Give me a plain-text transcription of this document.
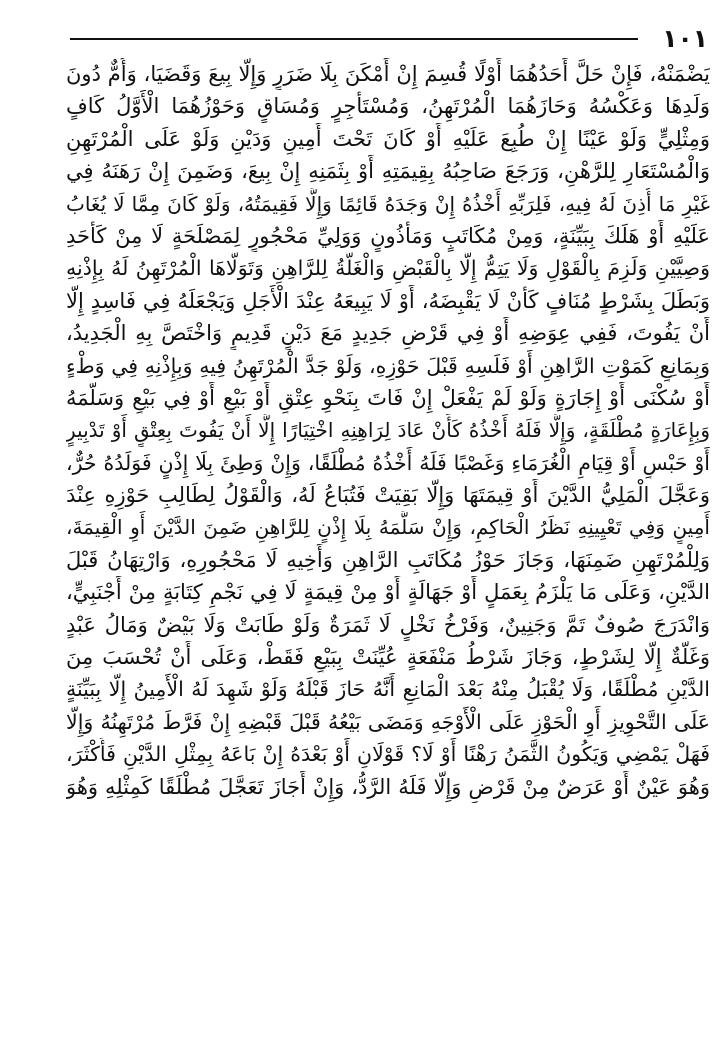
١٠١
يَضْمَنْهُ، فَإِنْ حَلَّ أَحَدُهُمَا أَوْلًا قُسِمَ إِنْ أَمْكَنَ بِلَا ضَرَرٍ وَإِلَّا بِيعَ وَقَضَيَا، وَأُمٌّ دُونَ
وَلَدِهَا وَعَكْسُهُ وَحَازَهُمَا الْمُرْتَهِنُ، وَمُسْتَأْجِرٍ وَمُسَاقٍ وَحَوْزُهُمَا الْأَوَّلُ كَافٍ
وَمِثْلِيٍّ وَلَوْ عَيْنًا إِنْ طُبِعَ عَلَيْهِ أَوْ كَانَ تَحْتَ أَمِينٍ وَدَيْنٍ وَلَوْ عَلَى الْمُرْتَهِنِ
وَالْمُسْتَعَارِ لِلرَّهْنِ، وَرَجَعَ صَاحِبُهُ بِقِيمَتِهِ أَوْ بِثَمَنِهِ إِنْ بِيعَ، وَضَمِنَ إِنْ رَهَنَهُ فِي
غَيْرِ مَا أُذِنَ لَهُ فِيهِ، فَلِرَبِّهِ أَخْذُهُ إِنْ وَجَدَهُ قَائِمًا وَإِلَّا فَقِيمَتُهُ، وَلَوْ كَانَ مِمَّا لَا يُغَابُ
عَلَيْهِ أَوْ هَلَكَ بِبَيِّنَةٍ، وَمِنْ مُكَاتَبٍ وَمَأْذُونٍ وَوَلِيِّ مَحْجُورٍ لِمَصْلَحَةٍ لَا مِنْ كَأَحَدِ
وَصِيَّيْنِ وَلَزِمَ بِالْقَوْلِ وَلَا يَتِمُّ إِلَّا بِالْقَبْضِ وَالْغَلَّةُ لِلرَّاهِنِ وَتَوَلَّاهَا الْمُرْتَهِنُ لَهُ بِإِذْنِهِ
وَبَطَلَ بِشَرْطٍ مُنَافٍ كَأَنْ لَا يَقْبِضَهُ، أَوْ لَا يَبِيعَهُ عِنْدَ الْأَجَلِ وَيَجْعَلَهُ فِي فَاسِدٍ إِلَّا
أَنْ يَفُوتَ، فَفِي عِوَضِهِ أَوْ فِي قَرْضٍ جَدِيدٍ مَعَ دَيْنٍ قَدِيمٍ وَاخْتَصَّ بِهِ الْجَدِيدُ،
وَبِمَانِعٍ كَمَوْتِ الرَّاهِنِ أَوْ فَلَسِهِ قَبْلَ حَوْزِهِ، وَلَوْ جَدَّ الْمُرْتَهِنُ فِيهِ وَبِإِذْنِهِ فِي وَطْءٍ
أَوْ سُكْنَى أَوْ إِجَارَةٍ وَلَوْ لَمْ يَفْعَلْ إِنْ فَاتَ بِنَحْوِ عِتْقٍ أَوْ بَيْعٍ أَوْ فِي بَيْعٍ وَسَلَّمَهُ
وَبِإِعَارَةٍ مُطْلَقَةٍ، وَإِلَّا فَلَهُ أَخْذُهُ كَأَنْ عَادَ لِرَاهِنِهِ اخْتِيَارًا إِلَّا أَنْ يَفُوتَ بِعِتْقٍ أَوْ تَدْبِيرٍ
أَوْ حَبْسٍ أَوْ قِيَامِ الْغُرَمَاءِ وَغَصْبًا فَلَهُ أَخْذُهُ مُطْلَقًا، وَإِنْ وَطِئَ بِلَا إِذْنٍ فَوَلَدُهُ حُرٌّ،
وَعَجَّلَ الْمَلِيُّ الدَّيْنَ أَوْ قِيمَتَهَا وَإِلَّا بَقِيَتْ فَتُبَاعُ لَهُ، وَالْقَوْلُ لِطَالِبِ حَوْزِهِ عِنْدَ
أَمِينٍ وَفِي تَعْيِينِهِ نَظَرُ الْحَاكِمِ، وَإِنْ سَلَّمَهُ بِلَا إِذْنٍ لِلرَّاهِنِ ضَمِنَ الدَّيْنَ أَوِ الْقِيمَةَ،
وَلِلْمُرْتَهِنِ ضَمِنَهَا، وَجَازَ حَوْزُ مُكَاتَبِ الرَّاهِنِ وَأَخِيهِ لَا مَحْجُورِهِ، وَارْتِهَانُ قَبْلَ
الدَّيْنِ، وَعَلَى مَا يَلْزَمُ بِعَمَلٍ أَوْ جَهَالَةٍ أَوْ مِنْ قِيمَةٍ لَا فِي نَجْمِ كِتَابَةٍ مِنْ أَجْنَبِيٍّ،
وَانْدَرَجَ صُوفٌ تَمَّ وَجَنِينٌ، وَفَرْخُ نَخْلٍ لَا ثَمَرَةٌ وَلَوْ طَابَتْ وَلَا بَيْضٌ وَمَالُ عَبْدٍ
وَغَلَّةٌ إِلَّا لِشَرْطٍ، وَجَازَ شَرْطُ مَنْفَعَةٍ عُيِّنَتْ بِبَيْعٍ فَقَطْ، وَعَلَى أَنْ تُحْسَبَ مِنَ
الدَّيْنِ مُطْلَقًا، وَلَا يُقْبَلُ مِنْهُ بَعْدَ الْمَانِعِ أَنَّهُ حَازَ قَبْلَهُ وَلَوْ شَهِدَ لَهُ الْأَمِينُ إِلَّا بِبَيِّنَةٍ
عَلَى التَّحْوِيزِ أَوِ الْحَوْزِ عَلَى الْأَوْجَهِ وَمَضَى بَيْعُهُ قَبْلَ قَبْضِهِ إِنْ فَرَّطَ مُرْتَهِنُهُ وَإِلَّا
فَهَلْ يَمْضِي وَيَكُونُ الثَّمَنُ رَهْنًا أَوْ لَا؟ قَوْلَانِ أَوْ بَعْدَهُ إِنْ بَاعَهُ بِمِثْلِ الدَّيْنِ فَأَكْثَرَ،
وَهُوَ عَيْنٌ أَوْ عَرَضٌ مِنْ قَرْضٍ وَإِلَّا فَلَهُ الرَّدُّ، وَإِنْ أَجَازَ تَعَجَّلَ مُطْلَقًا كَمِثْلِهِ وَهُوَ
